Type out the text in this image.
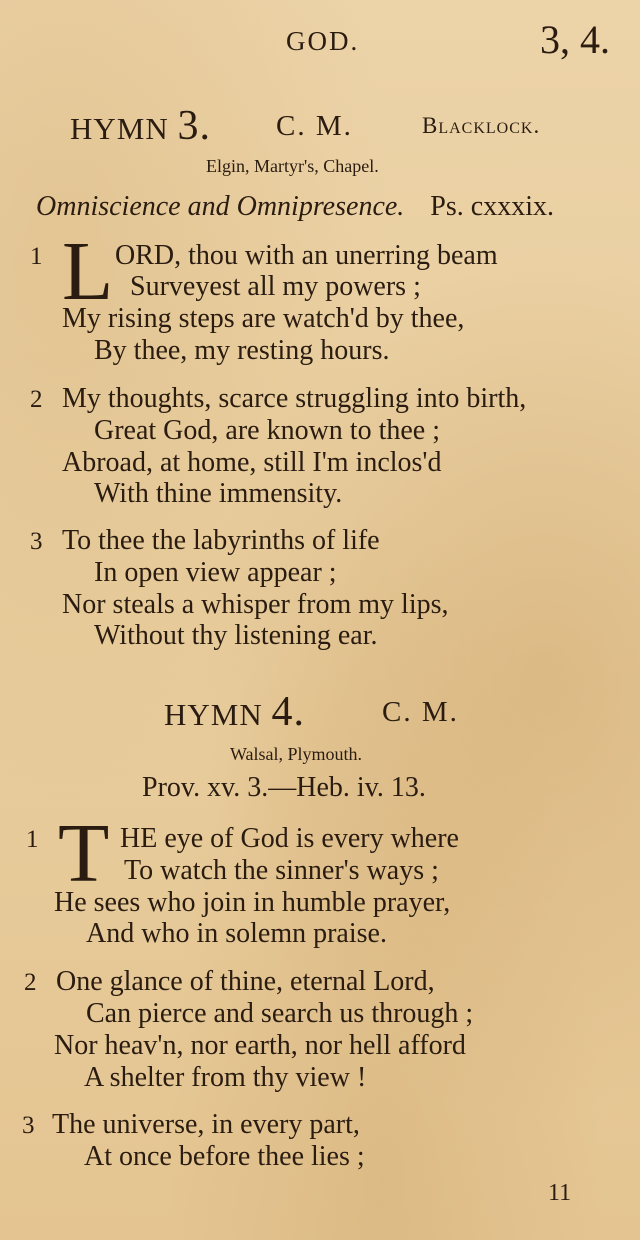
GOD.	3, 4.
HYMN 3. C. M.	Blacklock.
Elgin, Martyr's, Chapel.
Omniscience and Omnipresence. Ps. cxxxix.
1 L ORD, thou with an unerring beam
Surveyest all my powers ;
My rising steps are watch'd by thee,
By thee, my resting hours.
2 My thoughts, scarce struggling into birth,
Great God, are known to thee ;
Abroad, at home, still I'm inclos'd
With thine immensity.
3 To thee the labyrinths of life
In open view appear ;
Nor steals a whisper from my lips,
Without thy listening ear.
HYMN 4.	C. M.
Walsal, Plymouth.
Prov. xv. 3.—Heb. iv. 13.
1 T HE eye of God is every where
To watch the sinner's ways ;
He sees who join in humble prayer,
And who in solemn praise.
2 One glance of thine, eternal Lord,
Can pierce and search us through ;
Nor heav'n, nor earth, nor hell afford
A shelter from thy view !
3 The universe, in every part,
At once before thee lies ;
11
